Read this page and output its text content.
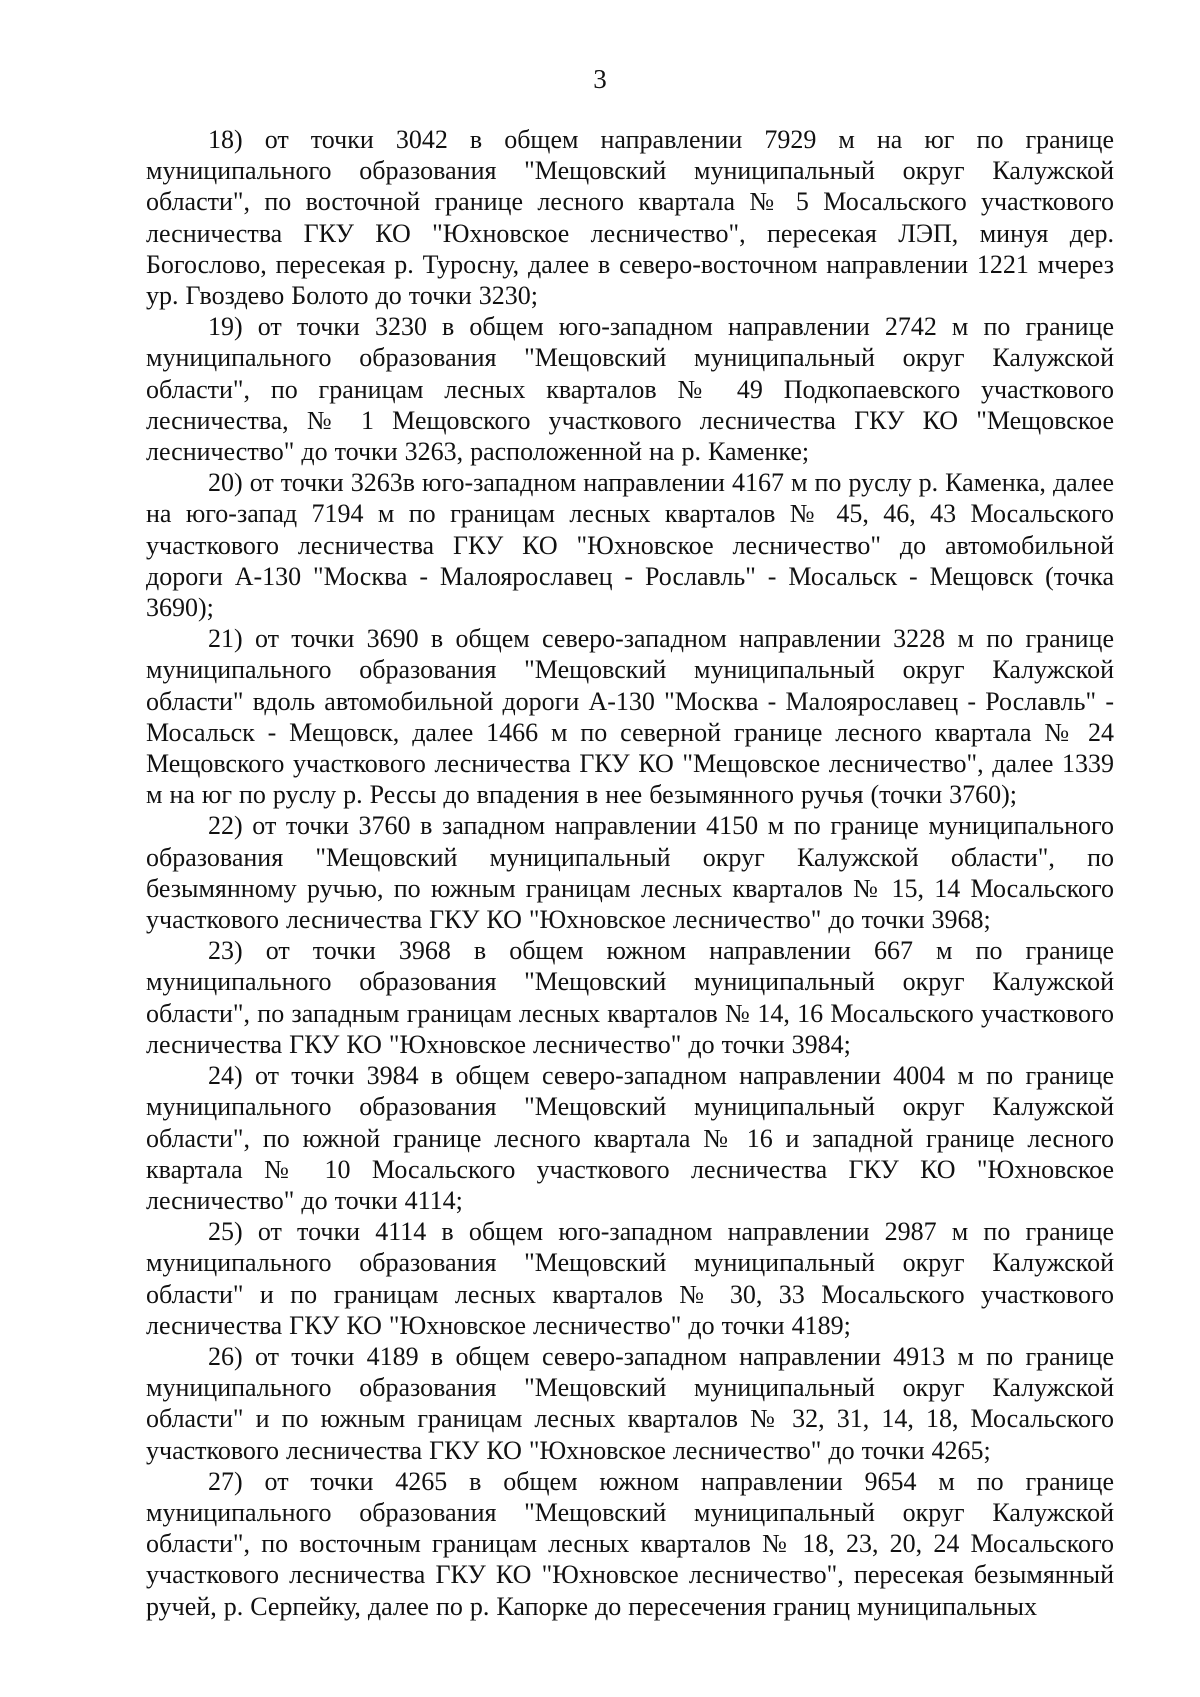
3

18) от точки 3042 в общем направлении 7929 м на юг по границе муниципального образования "Мещовский муниципальный округ Калужской области", по восточной границе лесного квартала № 5 Мосальского участкового лесничества ГКУ КО "Юхновское лесничество", пересекая ЛЭП, минуя дер. Богослово, пересекая р. Туросну, далее в северо-восточном направлении 1221 мчерез ур. Гвоздево Болото до точки 3230;

19) от точки 3230 в общем юго-западном направлении 2742 м по границе муниципального образования "Мещовский муниципальный округ Калужской области", по границам лесных кварталов № 49 Подкопаевского участкового лесничества, № 1 Мещовского участкового лесничества ГКУ КО "Мещовское лесничество" до точки 3263, расположенной на р. Каменке;

20) от точки 3263в юго-западном направлении 4167 м по руслу р. Каменка, далее на юго-запад 7194 м по границам лесных кварталов № 45, 46, 43 Мосальского участкового лесничества ГКУ КО "Юхновское лесничество" до автомобильной дороги А-130 "Москва - Малоярославец - Рославль" - Мосальск - Мещовск (точка 3690);

21) от точки 3690 в общем северо-западном направлении 3228 м по границе муниципального образования "Мещовский муниципальный округ Калужской области" вдоль автомобильной дороги А-130 "Москва - Малоярославец - Рославль" - Мосальск - Мещовск, далее 1466 м по северной границе лесного квартала № 24 Мещовского участкового лесничества ГКУ КО "Мещовское лесничество", далее 1339 м на юг по руслу р. Рессы до впадения в нее безымянного ручья (точки 3760);

22) от точки 3760 в западном направлении 4150 м по границе муниципального образования "Мещовский муниципальный округ Калужской области", по безымянному ручью, по южным границам лесных кварталов № 15, 14 Мосальского участкового лесничества ГКУ КО "Юхновское лесничество" до точки 3968;

23) от точки 3968 в общем южном направлении 667 м по границе муниципального образования "Мещовский муниципальный округ Калужской области", по западным границам лесных кварталов № 14, 16 Мосальского участкового лесничества ГКУ КО "Юхновское лесничество" до точки 3984;

24) от точки 3984 в общем северо-западном направлении 4004 м по границе муниципального образования "Мещовский муниципальный округ Калужской области", по южной границе лесного квартала № 16 и западной границе лесного квартала № 10 Мосальского участкового лесничества ГКУ КО "Юхновское лесничество" до точки 4114;

25) от точки 4114 в общем юго-западном направлении 2987 м по границе муниципального образования "Мещовский муниципальный округ Калужской области" и по границам лесных кварталов № 30, 33 Мосальского участкового лесничества ГКУ КО "Юхновское лесничество" до точки 4189;

26) от точки 4189 в общем северо-западном направлении 4913 м по границе муниципального образования "Мещовский муниципальный округ Калужской области" и по южным границам лесных кварталов № 32, 31, 14, 18, Мосальского участкового лесничества ГКУ КО "Юхновское лесничество" до точки 4265;

27) от точки 4265 в общем южном направлении 9654 м по границе муниципального образования "Мещовский муниципальный округ Калужской области", по восточным границам лесных кварталов № 18, 23, 20, 24 Мосальского участкового лесничества ГКУ КО "Юхновское лесничество", пересекая безымянный ручей, р. Серпейку, далее по р. Капорке до пересечения границ муниципальных
